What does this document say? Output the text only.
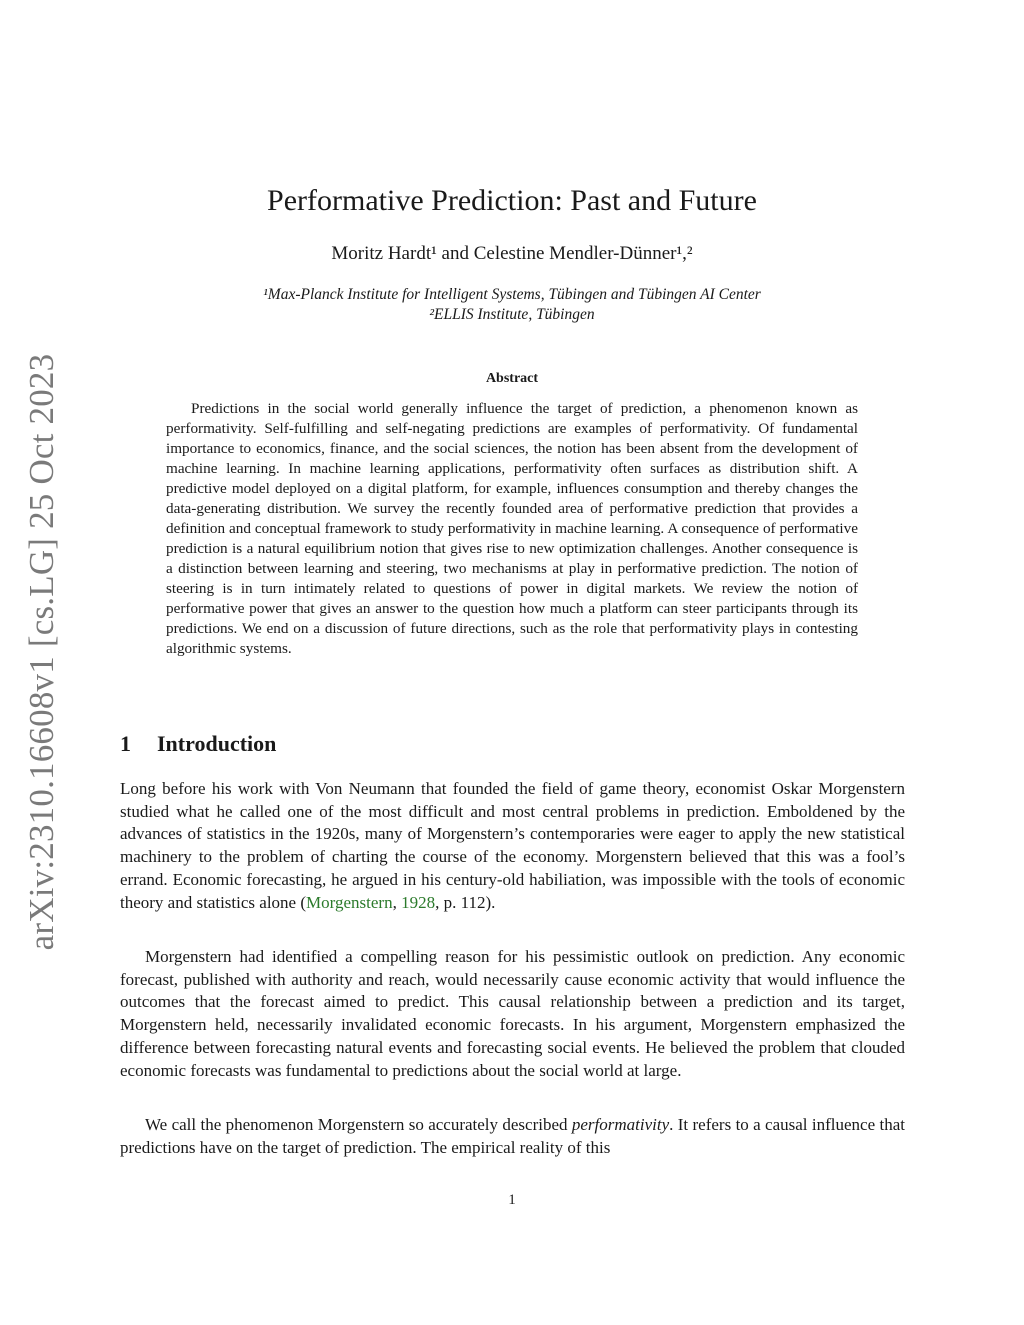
arXiv:2310.16608v1 [cs.LG] 25 Oct 2023
Performative Prediction: Past and Future
Moritz Hardt¹ and Celestine Mendler-Dünner¹,²
¹Max-Planck Institute for Intelligent Systems, Tübingen and Tübingen AI Center
²ELLIS Institute, Tübingen
Abstract
Predictions in the social world generally influence the target of prediction, a phenomenon known as performativity. Self-fulfilling and self-negating predictions are examples of performativity. Of fundamental importance to economics, finance, and the social sciences, the notion has been absent from the development of machine learning. In machine learning applications, performativity often surfaces as distribution shift. A predictive model deployed on a digital platform, for example, influences consumption and thereby changes the data-generating distribution. We survey the recently founded area of performative prediction that provides a definition and conceptual framework to study performativity in machine learning. A consequence of performative prediction is a natural equilibrium notion that gives rise to new optimization challenges. Another consequence is a distinction between learning and steering, two mechanisms at play in performative prediction. The notion of steering is in turn intimately related to questions of power in digital markets. We review the notion of performative power that gives an answer to the question how much a platform can steer participants through its predictions. We end on a discussion of future directions, such as the role that performativity plays in contesting algorithmic systems.
1 Introduction
Long before his work with Von Neumann that founded the field of game theory, economist Oskar Morgenstern studied what he called one of the most difficult and most central problems in prediction. Emboldened by the advances of statistics in the 1920s, many of Morgenstern’s contemporaries were eager to apply the new statistical machinery to the problem of charting the course of the economy. Morgenstern believed that this was a fool’s errand. Economic forecasting, he argued in his century-old habiliation, was impossible with the tools of economic theory and statistics alone (Morgenstern, 1928, p. 112).
Morgenstern had identified a compelling reason for his pessimistic outlook on prediction. Any economic forecast, published with authority and reach, would necessarily cause economic activity that would influence the outcomes that the forecast aimed to predict. This causal relationship between a prediction and its target, Morgenstern held, necessarily invalidated economic forecasts. In his argument, Morgenstern emphasized the difference between forecasting natural events and forecasting social events. He believed the problem that clouded economic forecasts was fundamental to predictions about the social world at large.
We call the phenomenon Morgenstern so accurately described performativity. It refers to a causal influence that predictions have on the target of prediction. The empirical reality of this
1
